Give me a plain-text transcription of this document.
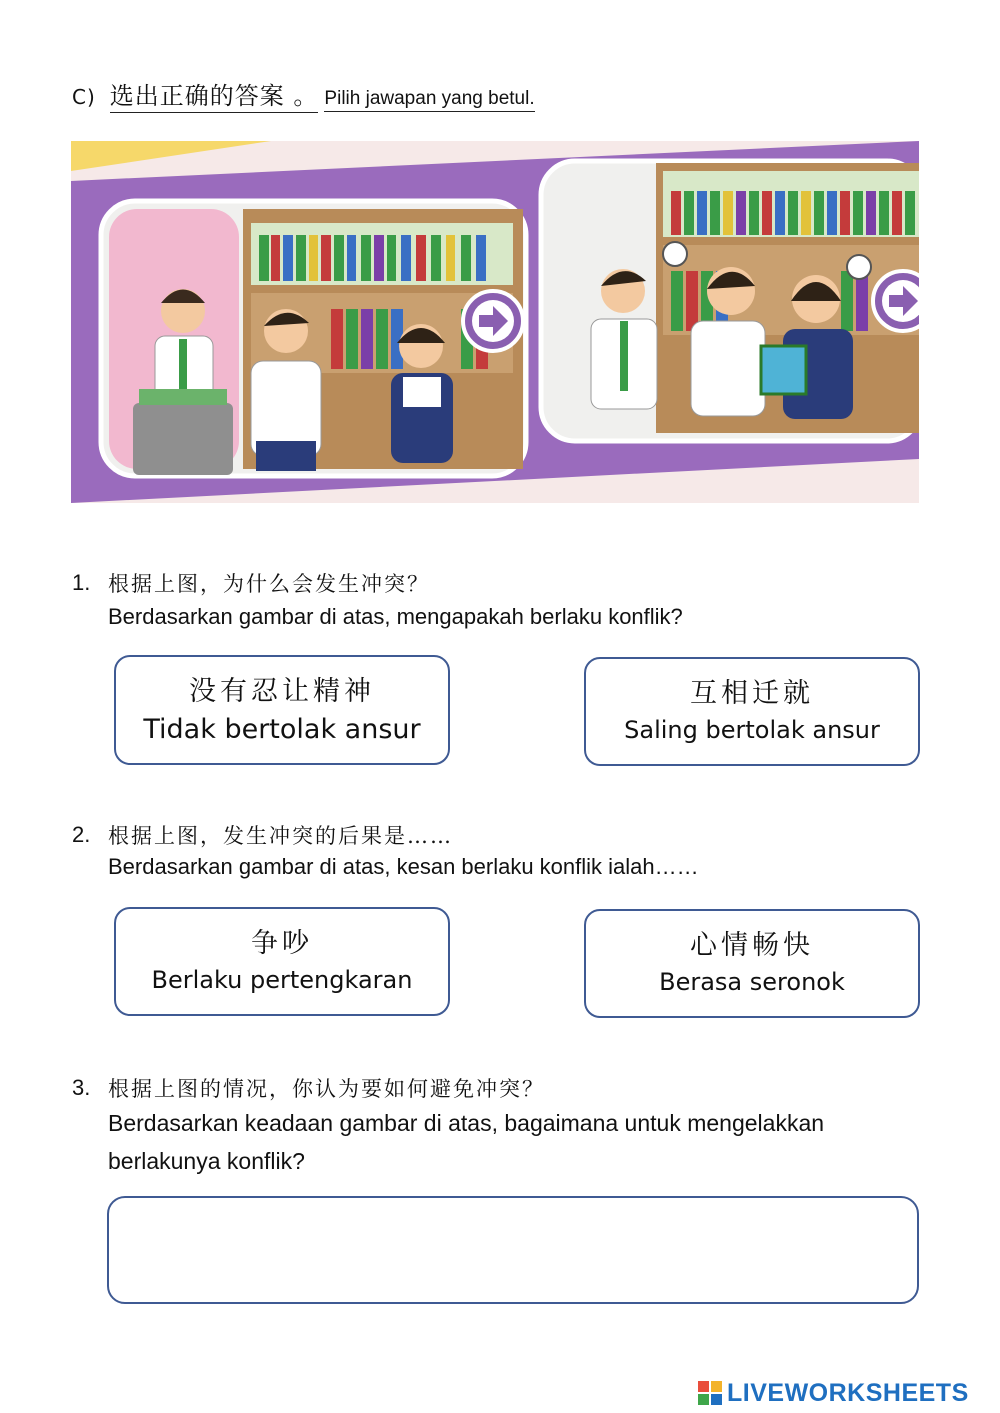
C) 选出正确的答案 。 Pilih jawapan yang betul.
1. 根据上图，为什么会发生冲突？
Berdasarkan gambar di atas, mengapakah berlaku konflik?
没有忍让精神
Tidak bertolak ansur
互相迁就
Saling bertolak ansur
2. 根据上图，发生冲突的后果是……
Berdasarkan gambar di atas, kesan berlaku konflik ialah……
争吵
Berlaku pertengkaran
心情畅快
Berasa seronok
3. 根据上图的情况，你认为要如何避免冲突？
Berdasarkan keadaan gambar di atas, bagaimana untuk mengelakkan
berlakunya konflik?
LIVEWORKSHEETS
